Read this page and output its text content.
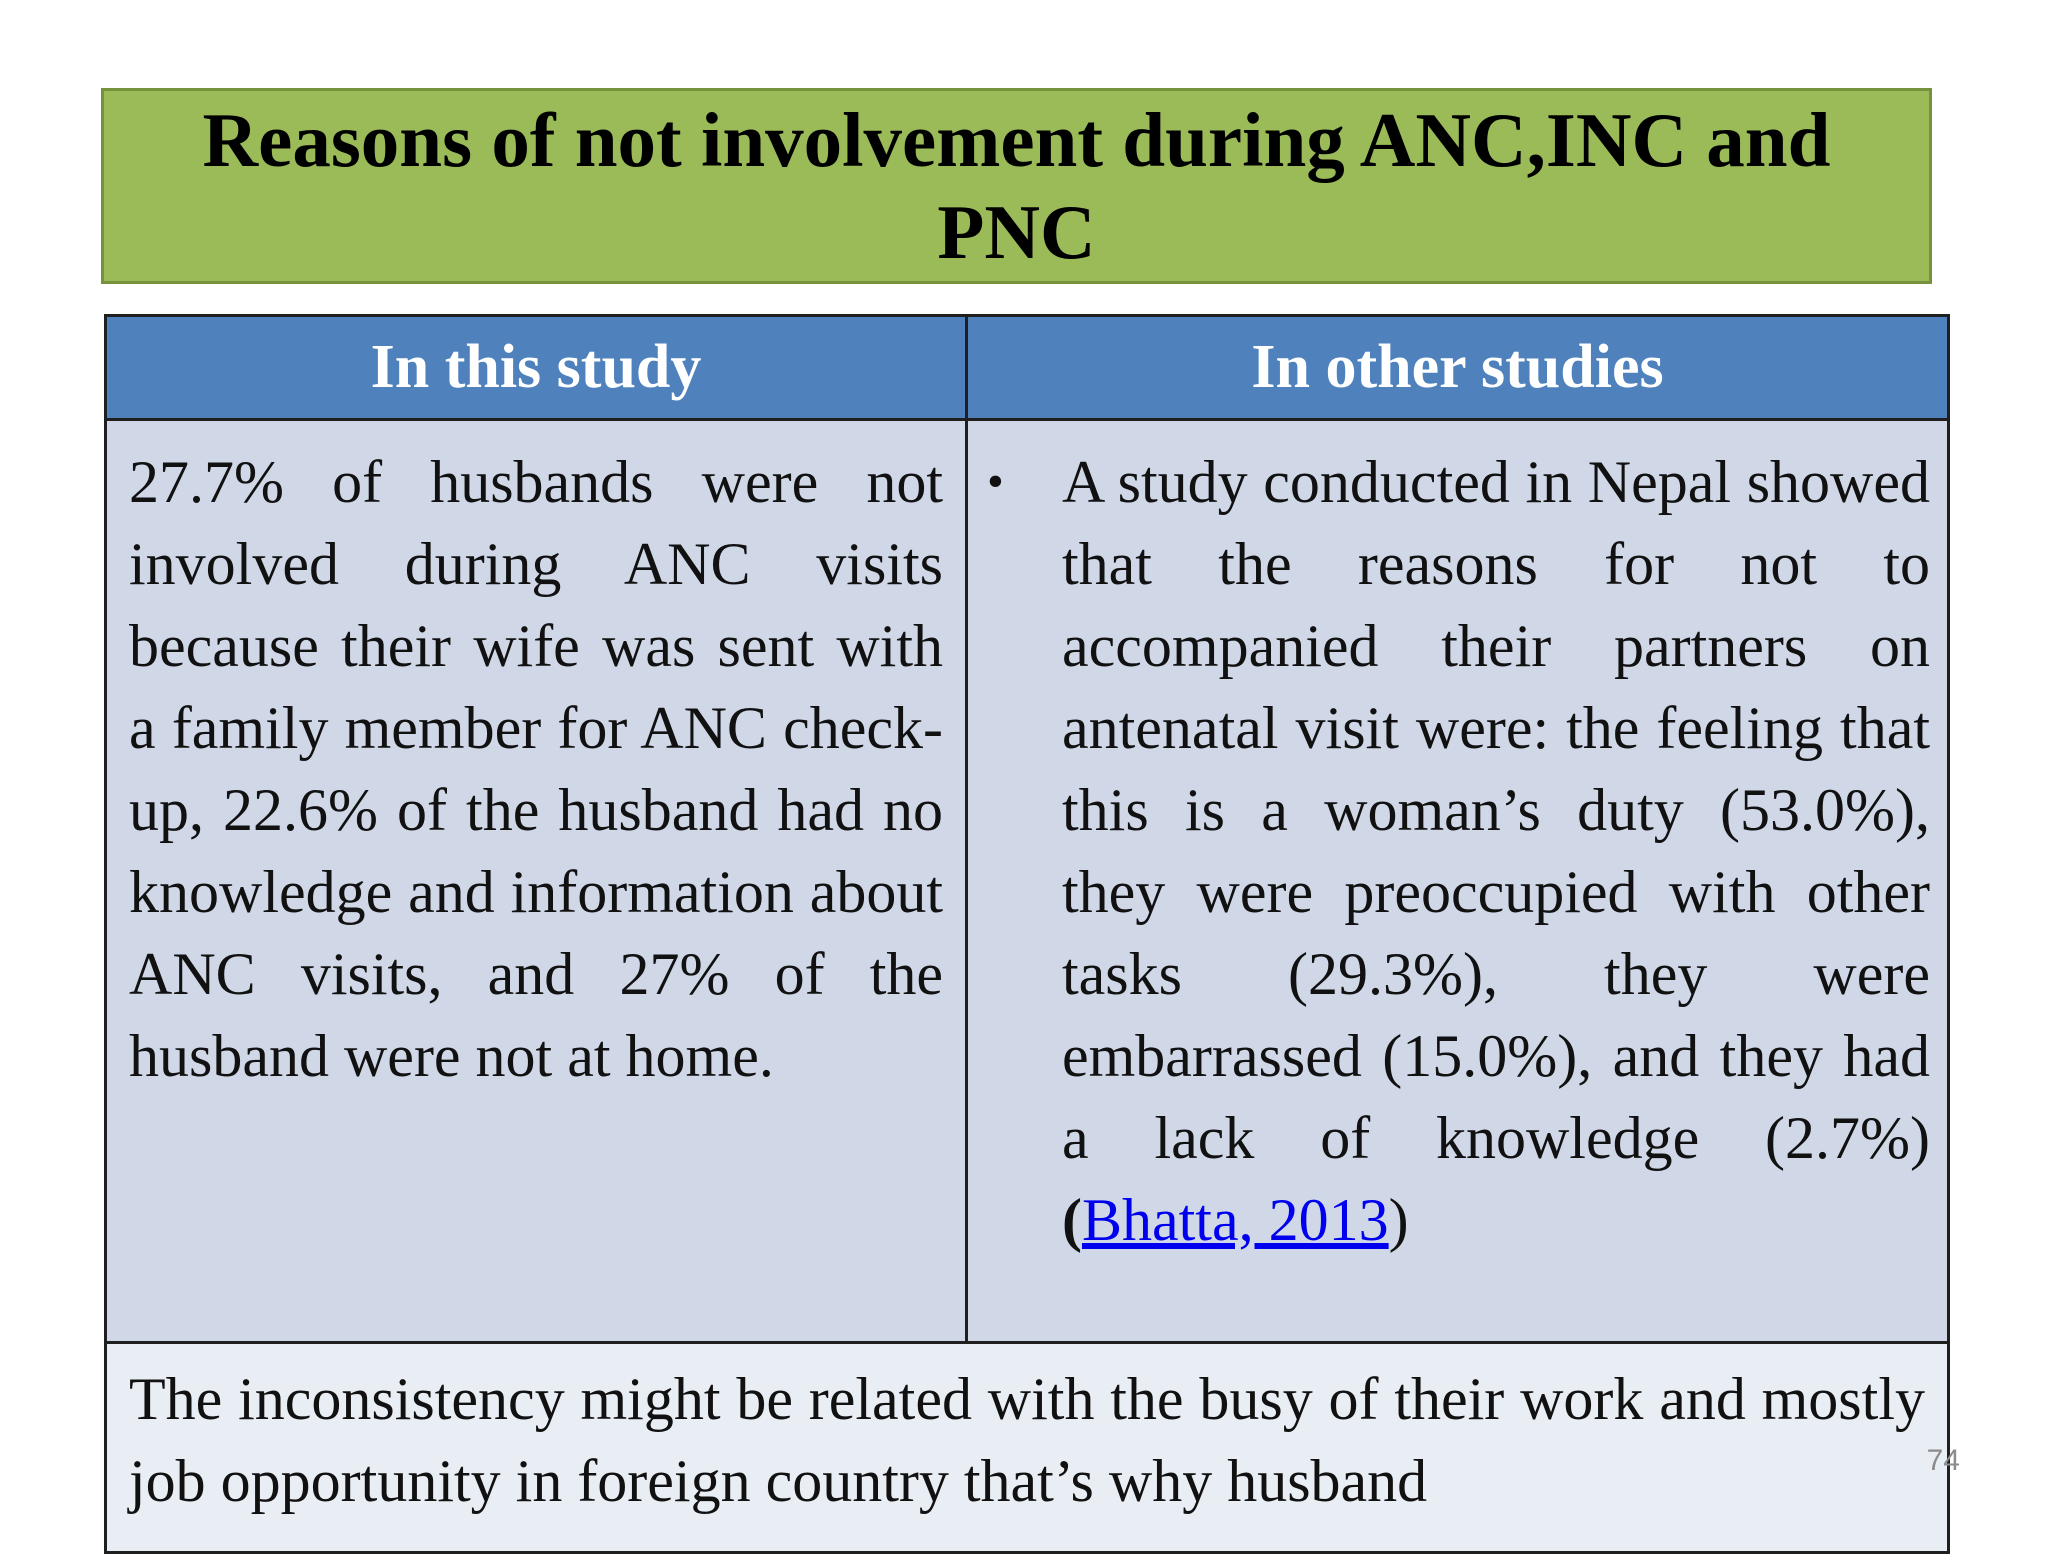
Reasons of not involvement during ANC,INC and PNC

In this study	In other studies

27.7% of husbands were not involved during ANC visits because their wife was sent with a family member for ANC check-up, 22.6% of the husband had no knowledge and information about ANC visits, and 27% of the husband were not at home.

• A study conducted in Nepal showed that the reasons for not to accompanied their partners on antenatal visit were: the feeling that this is a woman’s duty (53.0%), they were preoccupied with other tasks (29.3%), they were embarrassed (15.0%), and they had a lack of knowledge (2.7%) (Bhatta, 2013)

The inconsistency might be related with the busy of their work and mostly job opportunity in foreign country that’s why husband	74
